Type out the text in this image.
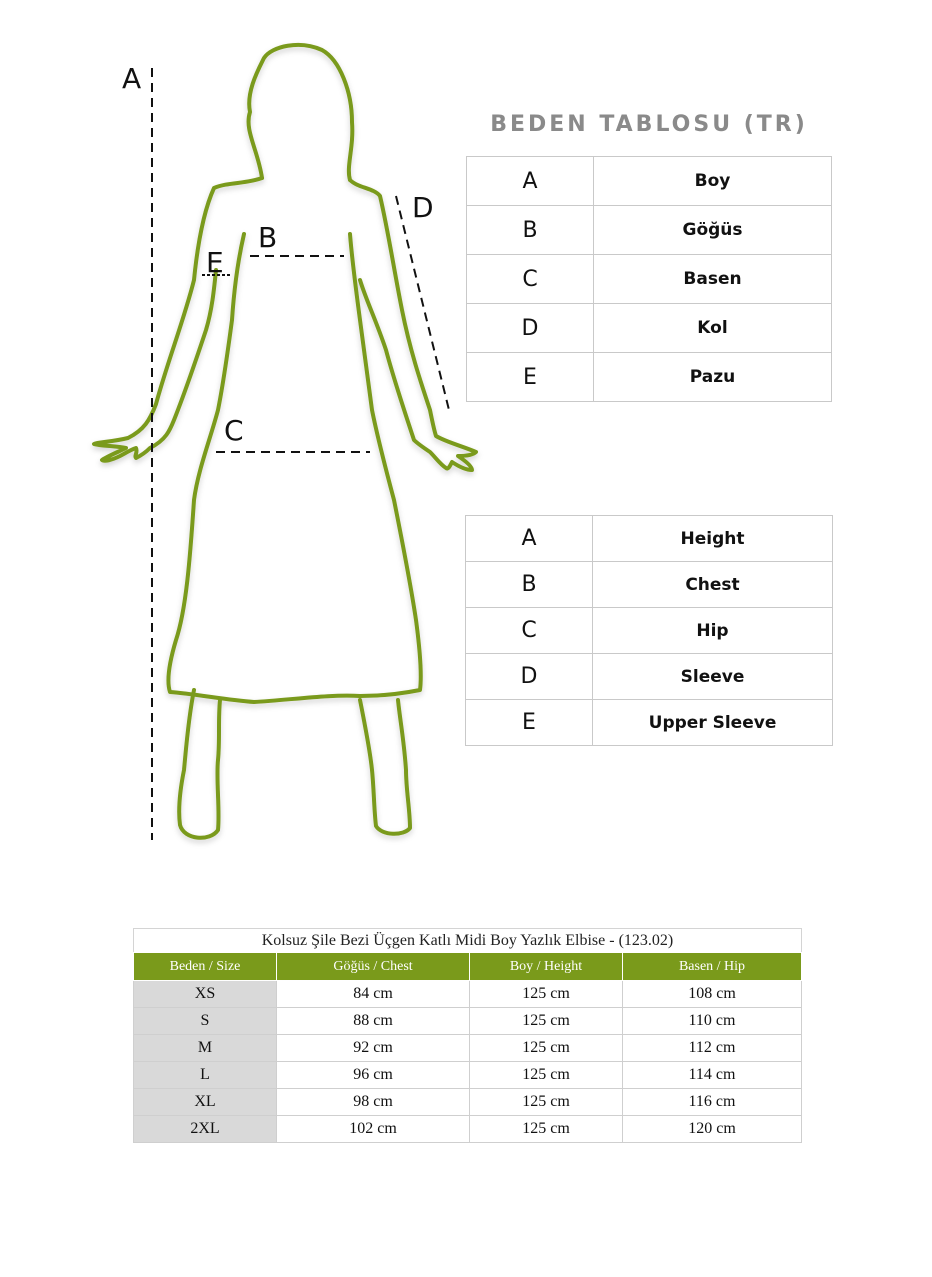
A
B
C
D
E
BEDEN TABLOSU (TR)
A	Boy
B	Göğüs
C	Basen
D	Kol
E	Pazu
A	Height
B	Chest
C	Hip
D	Sleeve
E	Upper Sleeve
Kolsuz Şile Bezi Üçgen Katlı Midi Boy Yazlık Elbise - (123.02)
Beden / Size	Göğüs / Chest	Boy / Height	Basen / Hip
XS	84 cm	125 cm	108 cm
S	88 cm	125 cm	110 cm
M	92 cm	125 cm	112 cm
L	96 cm	125 cm	114 cm
XL	98 cm	125 cm	116 cm
2XL	102 cm	125 cm	120 cm
